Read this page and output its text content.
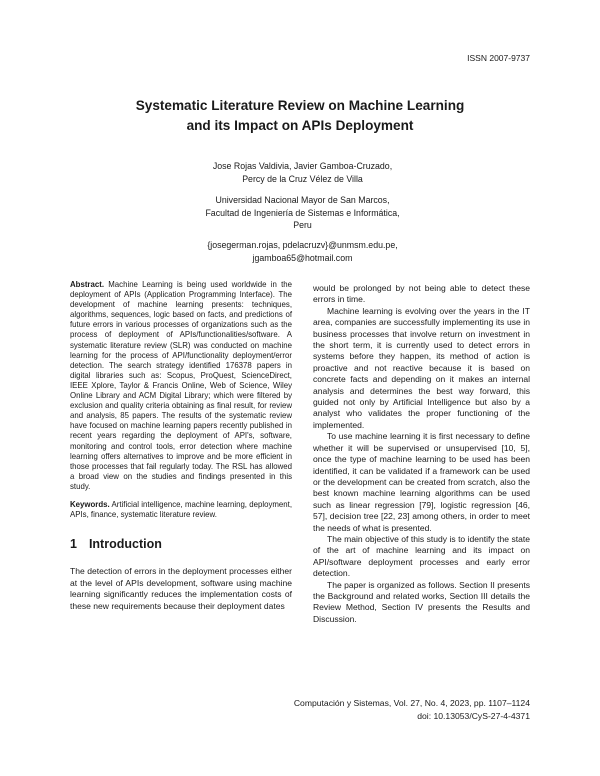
ISSN 2007-9737
Systematic Literature Review on Machine Learning
and its Impact on APIs Deployment
Jose Rojas Valdivia, Javier Gamboa-Cruzado,
Percy de la Cruz Vélez de Villa
Universidad Nacional Mayor de San Marcos,
Facultad de Ingeniería de Sistemas e Informática,
Peru
{josegerman.rojas, pdelacruzv}@unmsm.edu.pe,
jgamboa65@hotmail.com
Abstract. Machine Learning is being used worldwide in the deployment of APIs (Application Programming Interface). The development of machine learning presents: techniques, algorithms, sequences, logic based on facts, and predictions of future errors in various processes of organizations such as the process of deployment of APIs/functionalities/software. A systematic literature review (SLR) was conducted on machine learning for the process of API/functionality deployment/error detection. The search strategy identified 176378 papers in digital libraries such as: Scopus, ProQuest, ScienceDirect, IEEE Xplore, Taylor & Francis Online, Web of Science, Wiley Online Library and ACM Digital Library; which were filtered by exclusion and quality criteria obtaining as final result, for review and analysis, 85 papers. The results of the systematic review have focused on machine learning papers recently published in recent years regarding the deployment of API's, software, monitoring and control tools, error detection where machine learning offers alternatives to improve and be more efficient in those processes that fail regularly today. The RSL has allowed a broad view on the studies and findings presented in this study.
Keywords. Artificial intelligence, machine learning, deployment, APIs, finance, systematic literature review.
1 Introduction
The detection of errors in the deployment processes either at the level of APIs development, software using machine learning significantly reduces the implementation costs of these new requirements because their deployment dates

would be prolonged by not being able to detect these errors in time.

Machine learning is evolving over the years in the IT area, companies are successfully implementing its use in business processes that involve return on investment in the short term, it is currently used to detect errors in systems before they happen, its method of action is proactive and not reactive because it is based on concrete facts and depending on it makes an internal analysis and determines the best way forward, this guided not only by Artificial Intelligence but also by a analyst who validates the proper functioning of the implemented.

To use machine learning it is first necessary to define whether it will be supervised or unsupervised [10, 5], once the type of machine learning to be used has been identified, it can be validated if a framework can be used or the development can be created from scratch, also the best known machine learning algorithms can be used such as linear regression [79], logistic regression [46, 57], decision tree [22, 23] among others, in order to meet the needs of what is presented.

The main objective of this study is to identify the state of the art of machine learning and its impact on API/software deployment processes and early error detection.

The paper is organized as follows. Section II presents the Background and related works, Section III details the Review Method, Section IV presents the Results and Discussion.

Computación y Sistemas, Vol. 27, No. 4, 2023, pp. 1107–1124
doi: 10.13053/CyS-27-4-4371
